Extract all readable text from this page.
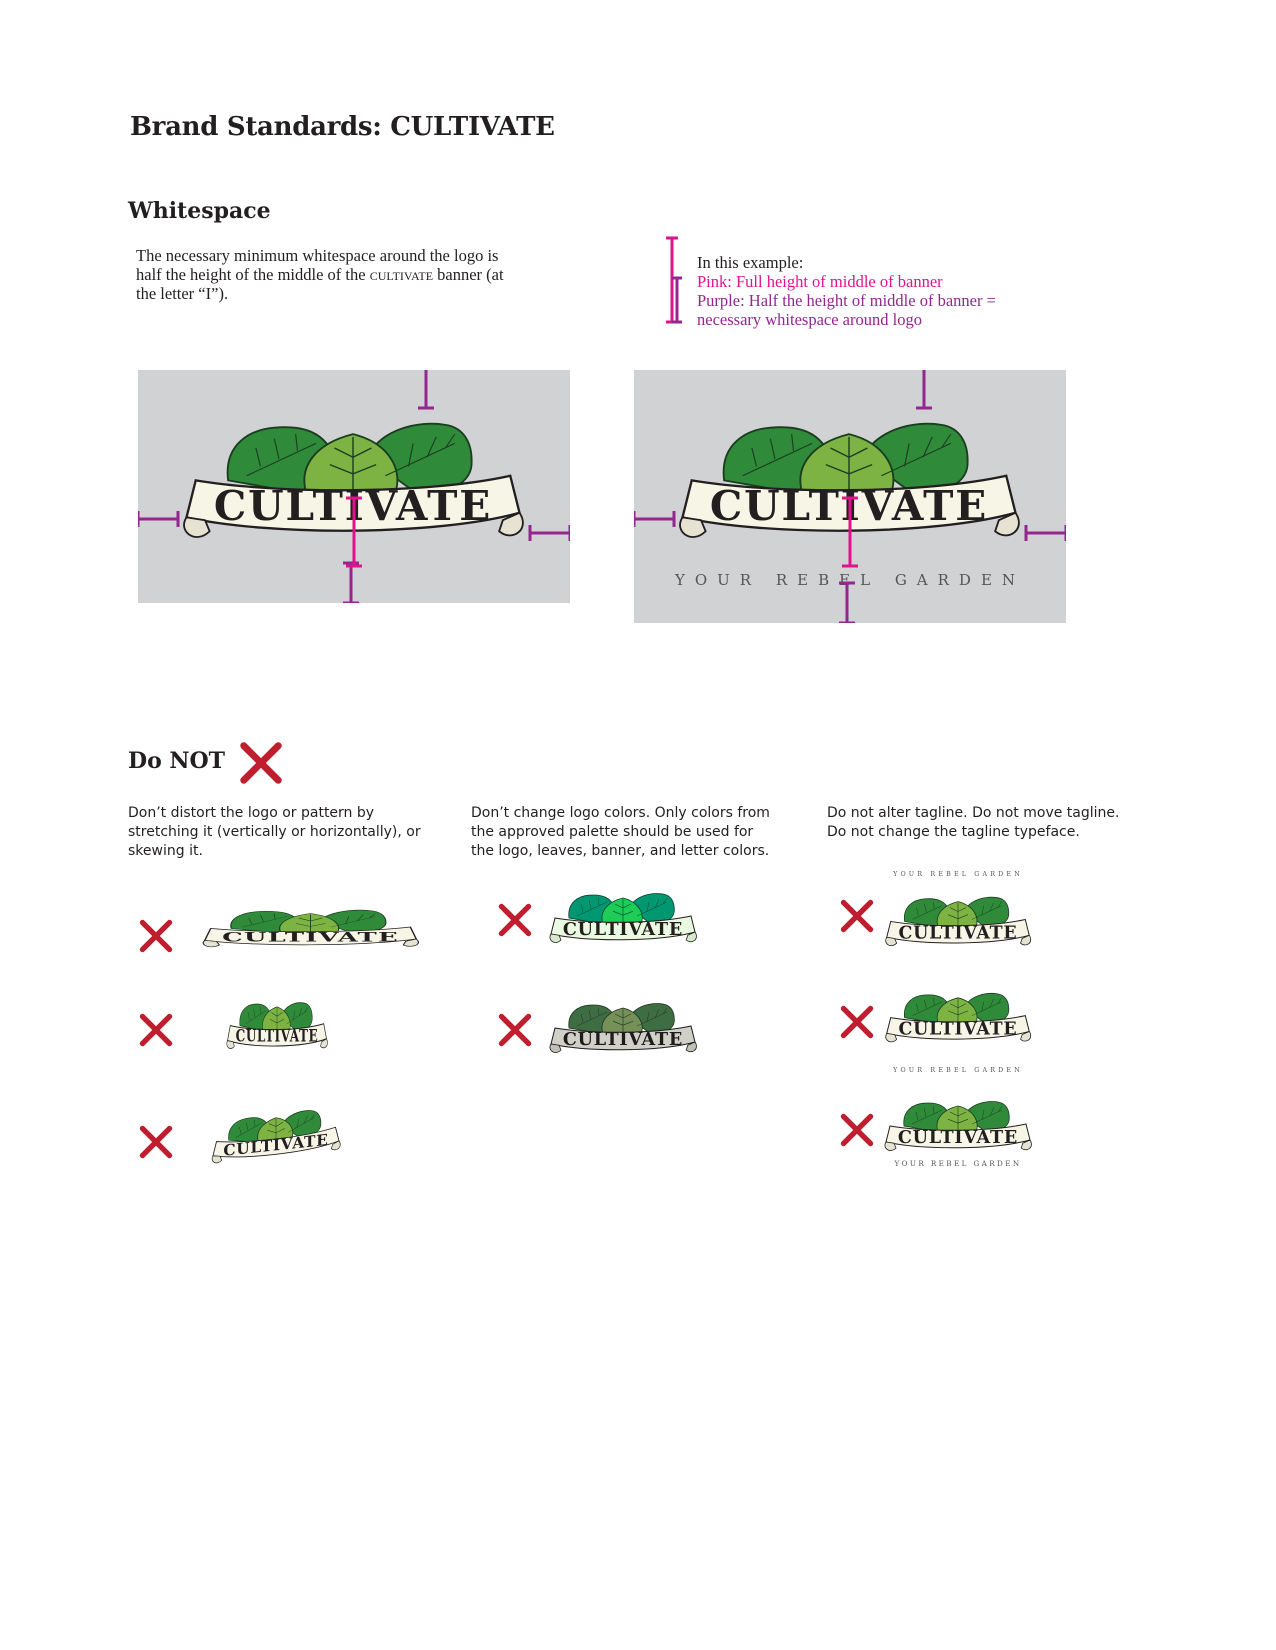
Brand Standards: CULTIVATE
Whitespace
The necessary minimum whitespace around the logo is half the height of the middle of the cultivate banner (at the letter “I”).
In this example:
Pink: Full height of middle of banner
Purple: Half the height of middle of banner = necessary whitespace around logo
YOUR REBEL GARDEN
Do NOT
Don’t distort the logo or pattern by stretching it (vertically or horizontally), or skewing it.
Don’t change logo colors. Only colors from the approved palette should be used for the logo, leaves, banner, and letter colors.
Do not alter tagline. Do not move tagline. Do not change the tagline typeface.
YOUR REBEL GARDEN
YOUR REBEL GARDEN
YOUR REBEL GARDEN
